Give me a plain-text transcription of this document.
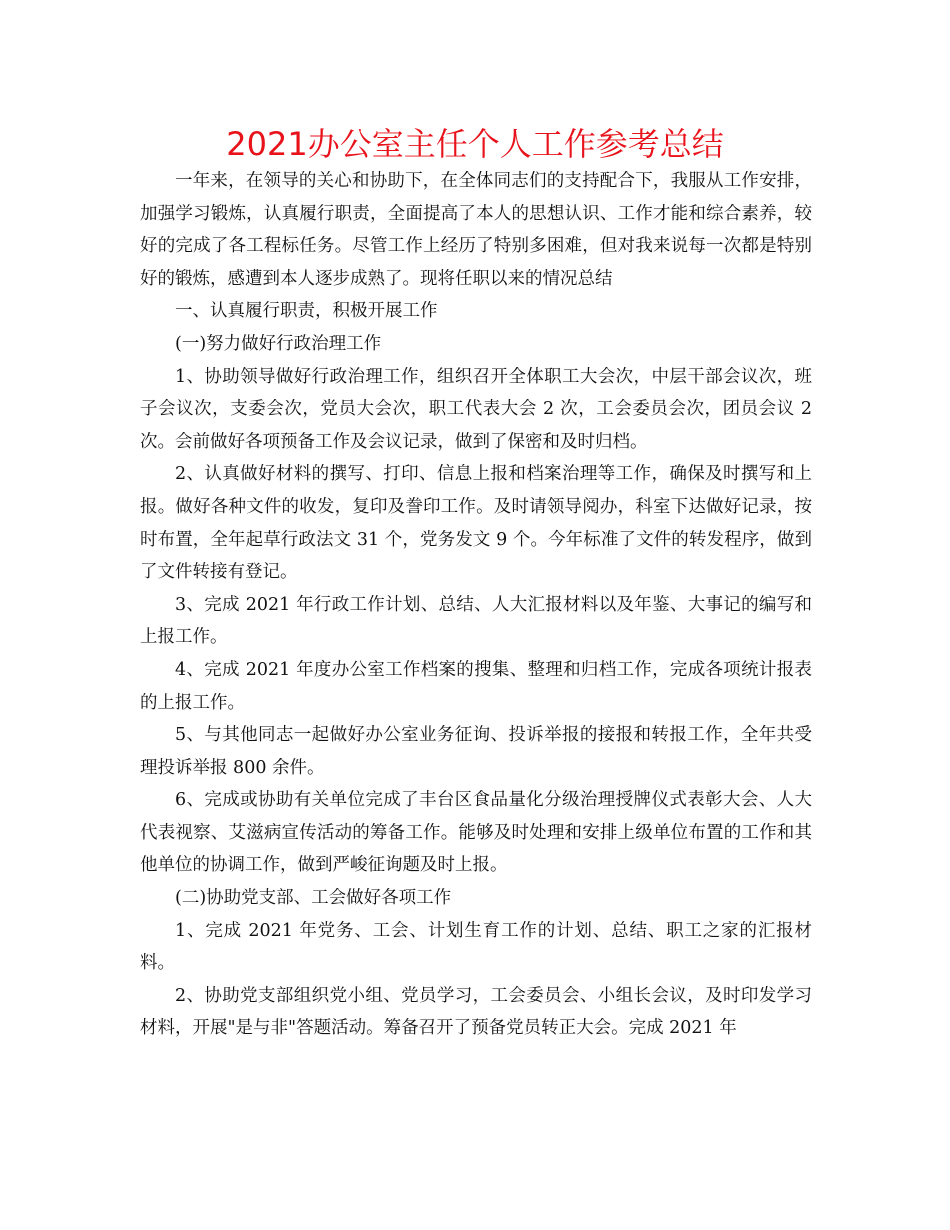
2021办公室主任个人工作参考总结

一年来，在领导的关心和协助下，在全体同志们的支持配合下，我服从工作安排，加强学习锻炼，认真履行职责，全面提高了本人的思想认识、工作才能和综合素养，较好的完成了各工程标任务。尽管工作上经历了特别多困难，但对我来说每一次都是特别好的锻炼，感遭到本人逐步成熟了。现将任职以来的情况总结

一、认真履行职责，积极开展工作

(一)努力做好行政治理工作

1、协助领导做好行政治理工作，组织召开全体职工大会次，中层干部会议次，班子会议次，支委会次，党员大会次，职工代表大会 2 次，工会委员会次，团员会议 2 次。会前做好各项预备工作及会议记录，做到了保密和及时归档。

2、认真做好材料的撰写、打印、信息上报和档案治理等工作，确保及时撰写和上报。做好各种文件的收发，复印及誊印工作。及时请领导阅办，科室下达做好记录，按时布置，全年起草行政法文 31 个，党务发文 9 个。今年标准了文件的转发程序，做到了文件转接有登记。

3、完成 2021 年行政工作计划、总结、人大汇报材料以及年鉴、大事记的编写和上报工作。

4、完成 2021 年度办公室工作档案的搜集、整理和归档工作，完成各项统计报表的上报工作。

5、与其他同志一起做好办公室业务征询、投诉举报的接报和转报工作，全年共受理投诉举报 800 余件。

6、完成或协助有关单位完成了丰台区食品量化分级治理授牌仪式表彰大会、人大代表视察、艾滋病宣传活动的筹备工作。能够及时处理和安排上级单位布置的工作和其他单位的协调工作，做到严峻征询题及时上报。

(二)协助党支部、工会做好各项工作

1、完成 2021 年党务、工会、计划生育工作的计划、总结、职工之家的汇报材料。

2、协助党支部组织党小组、党员学习，工会委员会、小组长会议，及时印发学习材料，开展"是与非"答题活动。筹备召开了预备党员转正大会。完成 2021 年
